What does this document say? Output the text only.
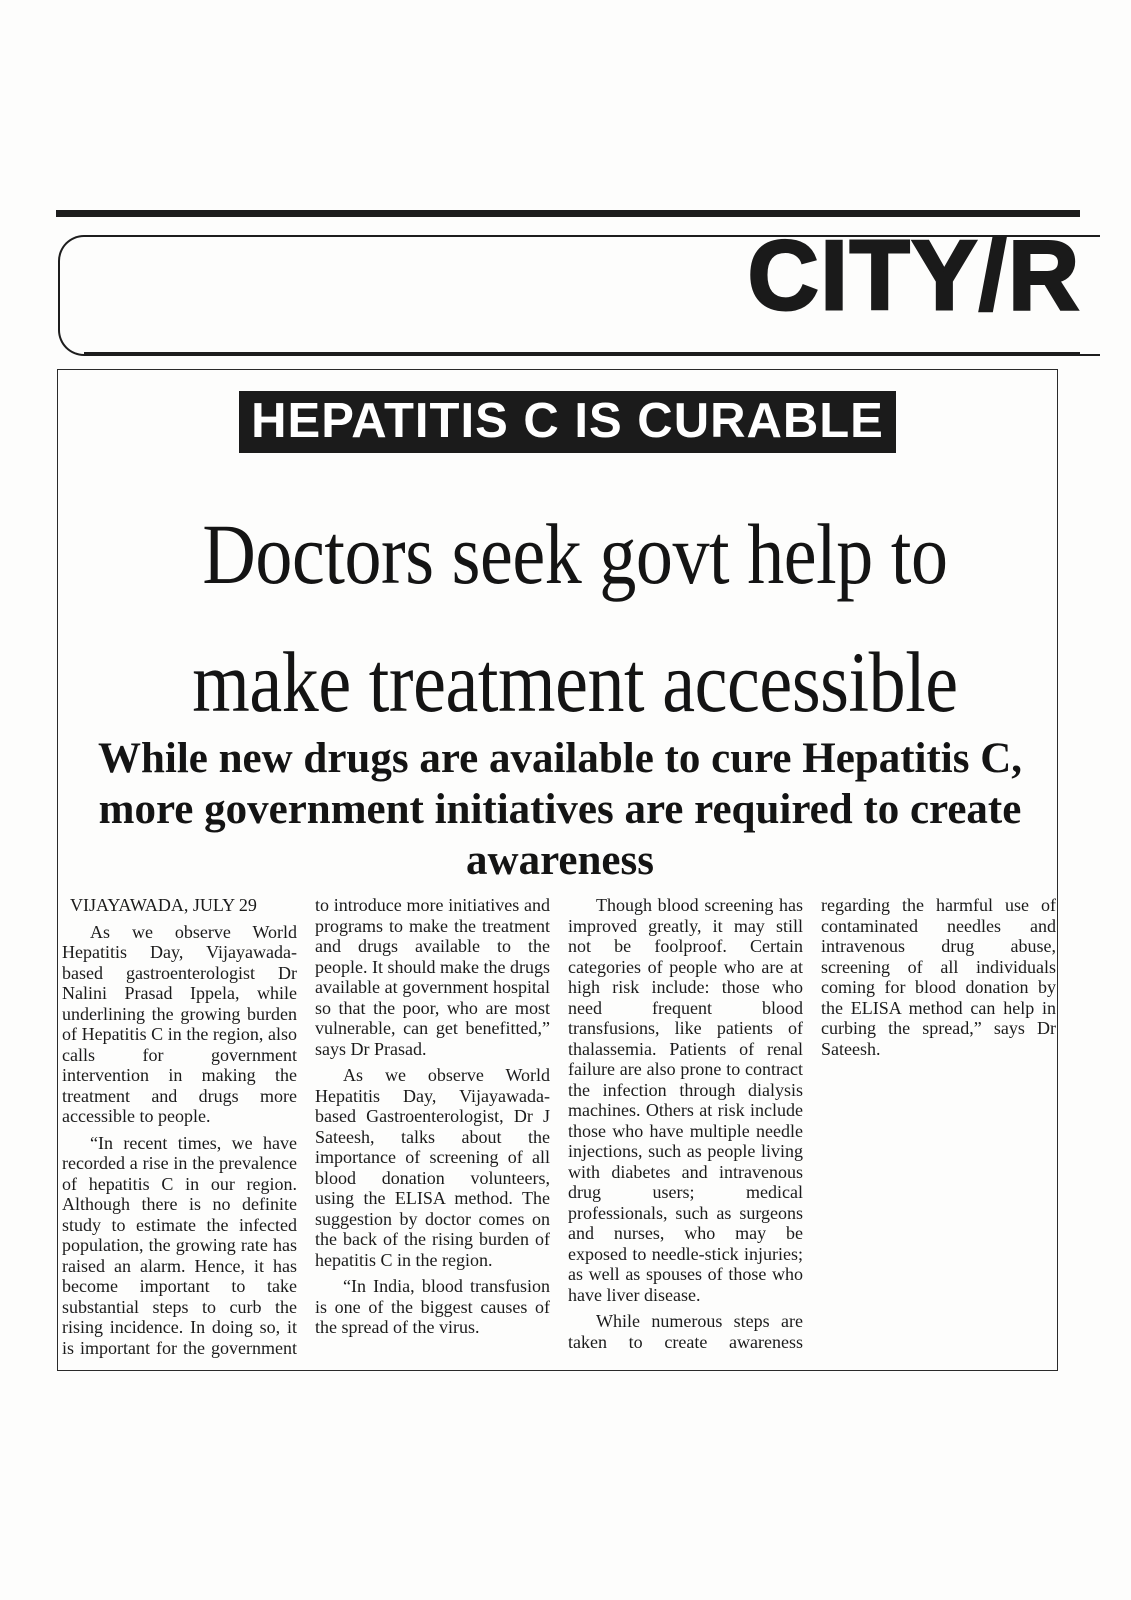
CITY/R
HEPATITIS C IS CURABLE
Doctors seek govt help to
make treatment accessible
While new drugs are available to cure Hepatitis C, more government initiatives are required to create awareness

VIJAYAWADA, JULY 29

As we observe World Hepatitis Day, Vijayawada-based gastroenterologist Dr Nalini Prasad Ippela, while underlining the growing burden of Hepatitis C in the region, also calls for government intervention in making the treatment and drugs more accessible to people.

“In recent times, we have recorded a rise in the prevalence of hepatitis C in our region. Although there is no definite study to estimate the infected population, the growing rate has raised an alarm. Hence, it has become important to take substantial steps to curb the rising incidence. In doing so, it is important for the government to introduce more initiatives and programs to make the treatment and drugs available to the people. It should make the drugs available at government hospital so that the poor, who are most vulnerable, can get benefitted,” says Dr Prasad.

As we observe World Hepatitis Day, Vijayawada-based Gastroenterologist, Dr J Sateesh, talks about the importance of screening of all blood donation volunteers, using the ELISA method. The suggestion by doctor comes on the back of the rising burden of hepatitis C in the region.

“In India, blood transfusion is one of the biggest causes of the spread of the virus.

Though blood screening has improved greatly, it may still not be foolproof. Certain categories of people who are at high risk include: those who need frequent blood transfusions, like patients of thalassemia. Patients of renal failure are also prone to contract the infection through dialysis machines. Others at risk include those who have multiple needle injections, such as people living with diabetes and intravenous drug users; medical professionals, such as surgeons and nurses, who may be exposed to needle-stick injuries; as well as spouses of those who have liver disease.

While numerous steps are taken to create awareness regarding the harmful use of contaminated needles and intravenous drug abuse, screening of all individuals coming for blood donation by the ELISA method can help in curbing the spread,” says Dr Sateesh.
